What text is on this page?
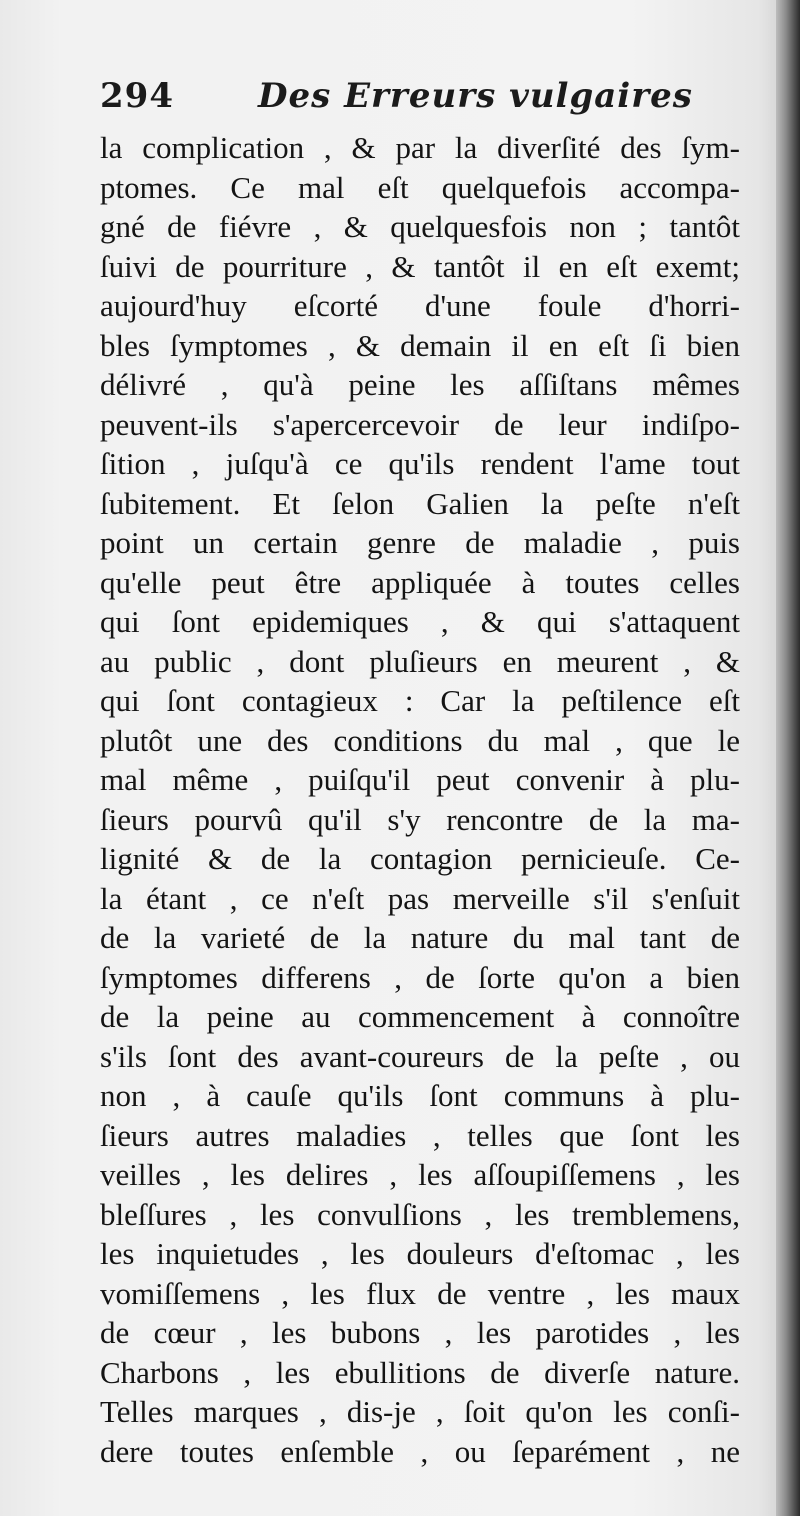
294 Des Erreurs vulgaires
la complication , & par la diverſité des ſym-
ptomes. Ce mal eſt quelquefois accompa-
gné de fiévre , & quelquesfois non ; tantôt
ſuivi de pourriture , & tantôt il en eſt exemt;
aujourd'huy eſcorté d'une foule d'horri-
bles ſymptomes , & demain il en eſt ſi bien
délivré , qu'à peine les aſſiſtans mêmes
peuvent-ils s'apercercevoir de leur indiſpo-
ſition , juſqu'à ce qu'ils rendent l'ame tout
ſubitement. Et ſelon Galien la peſte n'eſt
point un certain genre de maladie , puis
qu'elle peut être appliquée à toutes celles
qui ſont epidemiques , & qui s'attaquent
au public , dont pluſieurs en meurent , &
qui ſont contagieux : Car la peſtilence eſt
plutôt une des conditions du mal , que le
mal même , puiſqu'il peut convenir à plu-
ſieurs pourvû qu'il s'y rencontre de la ma-
lignité & de la contagion pernicieuſe. Ce-
la étant , ce n'eſt pas merveille s'il s'enſuit
de la varieté de la nature du mal tant de
ſymptomes differens , de ſorte qu'on a bien
de la peine au commencement à connoître
s'ils ſont des avant-coureurs de la peſte , ou
non , à cauſe qu'ils ſont communs à plu-
ſieurs autres maladies , telles que ſont les
veilles , les delires , les aſſoupiſſemens , les
bleſſures , les convulſions , les tremblemens,
les inquietudes , les douleurs d'eſtomac , les
vomiſſemens , les flux de ventre , les maux
de cœur , les bubons , les parotides , les
Charbons , les ebullitions de diverſe nature.
Telles marques , dis-je , ſoit qu'on les conſi-
dere toutes enſemble , ou ſeparément , ne
